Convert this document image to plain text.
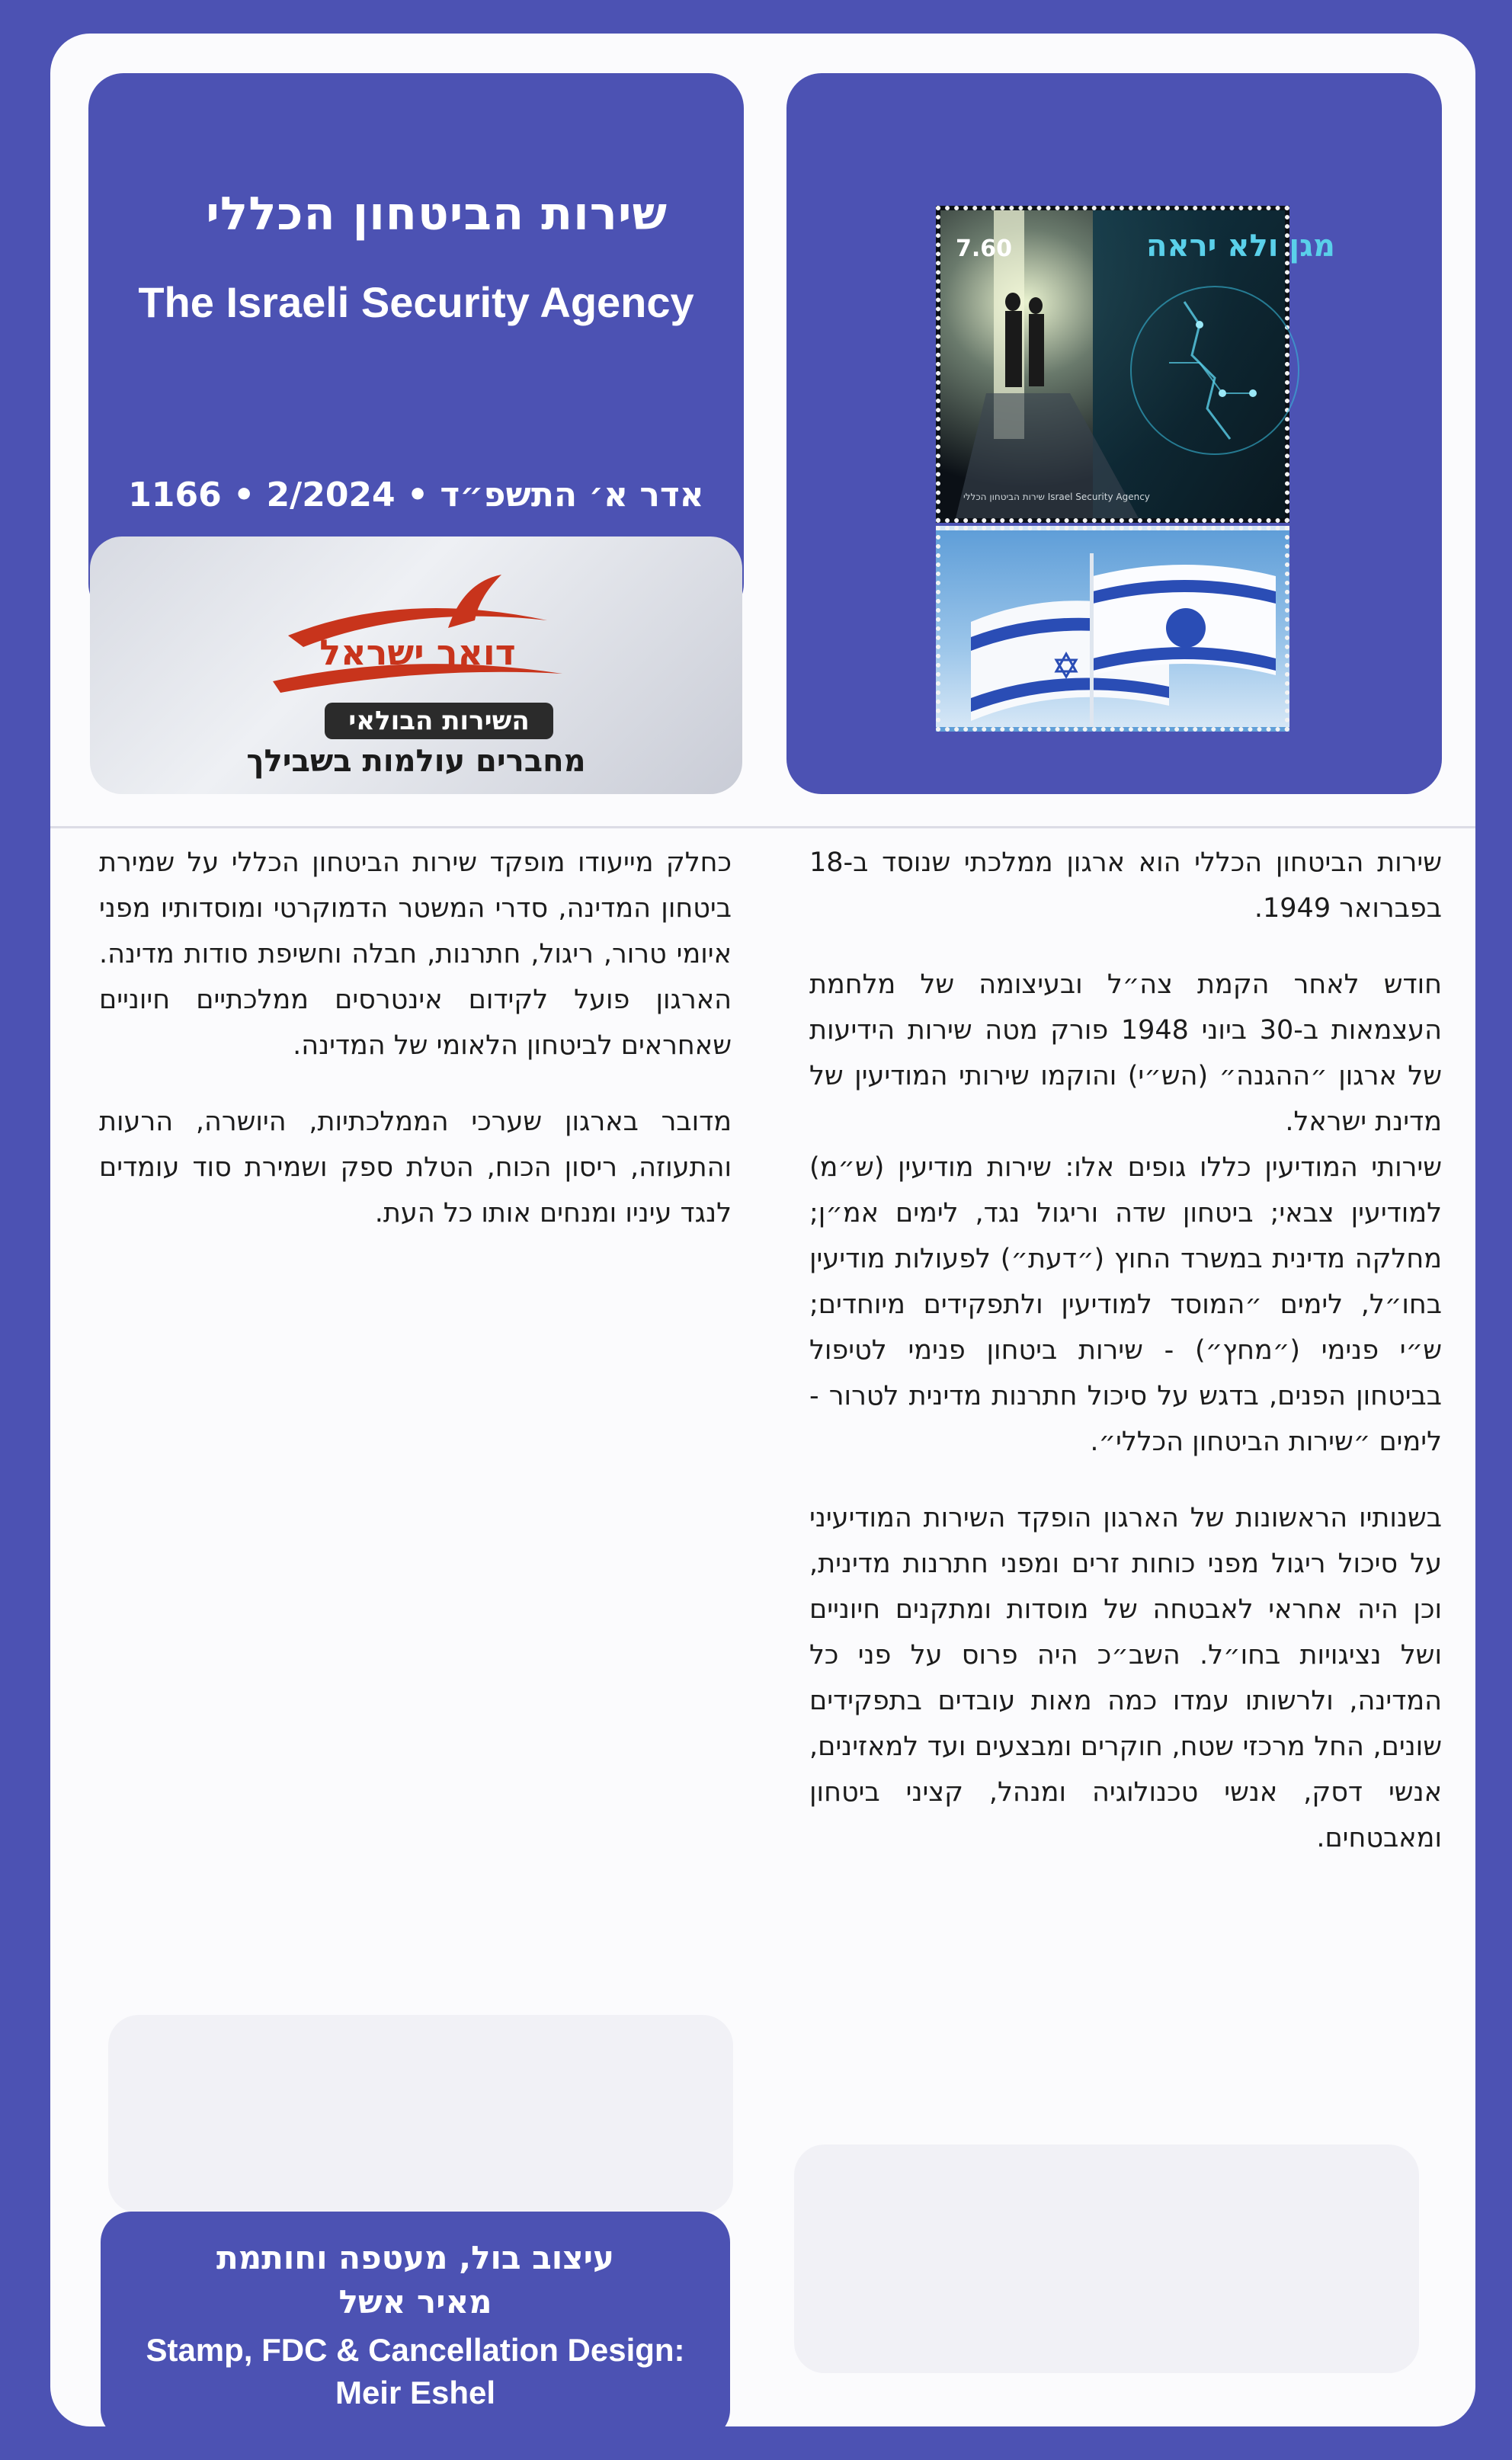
שירות הביטחון הכללי
The Israeli Security Agency
אדר א׳ התשפ״ד • 2/2024 • 1166
דואר ישראל
השירות הבולאי
מחברים עולמות בשבילך
מגן ולא יראה
7.60
שירות הביטחון הכללי Israel Security Agency

שירות הביטחון הכללי הוא ארגון ממלכתי שנוסד ב-18 בפברואר 1949.

חודש לאחר הקמת צה״ל ובעיצומה של מלחמת העצמאות ב-30 ביוני 1948 פורק מטה שירות הידיעות של ארגון ״ההגנה״ (הש״י) והוקמו שירותי המודיעין של מדינת ישראל.
שירותי המודיעין כללו גופים אלו: שירות מודיעין (ש״מ) למודיעין צבאי; ביטחון שדה וריגול נגד, לימים אמ״ן; מחלקה מדינית במשרד החוץ (״דעת״) לפעולות מודיעין בחו״ל, לימים ״המוסד למודיעין ולתפקידים מיוחדים; ש״י פנימי (״מחץ״) - שירות ביטחון פנימי לטיפול בביטחון הפנים, בדגש על סיכול חתרנות מדינית לטרור - לימים ״שירות הביטחון הכללי״.

בשנותיו הראשונות של הארגון הופקד השירות המודיעיני על סיכול ריגול מפני כוחות זרים ומפני חתרנות מדינית, וכן היה אחראי לאבטחה של מוסדות ומתקנים חיוניים ושל נציגויות בחו״ל. השב״כ היה פרוס על פני כל המדינה, ולרשותו עמדו כמה מאות עובדים בתפקידים שונים, החל מרכזי שטח, חוקרים ומבצעים ועד למאזינים, אנשי דסק, אנשי טכנולוגיה ומנהל, קציני ביטחון ומאבטחים.

כחלק מייעודו מופקד שירות הביטחון הכללי על שמירת ביטחון המדינה, סדרי המשטר הדמוקרטי ומוסדותיו מפני איומי טרור, ריגול, חתרנות, חבלה וחשיפת סודות מדינה. הארגון פועל לקידום אינטרסים ממלכתיים חיוניים שאחראים לביטחון הלאומי של המדינה.

מדובר בארגון שערכי הממלכתיות, היושרה, הרעות והתעוזה, ריסון הכוח, הטלת ספק ושמירת סוד עומדים לנגד עיניו ומנחים אותו כל העת.

עיצוב בול, מעטפה וחותמת
מאיר אשל
Stamp, FDC & Cancellation Design:
Meir Eshel
